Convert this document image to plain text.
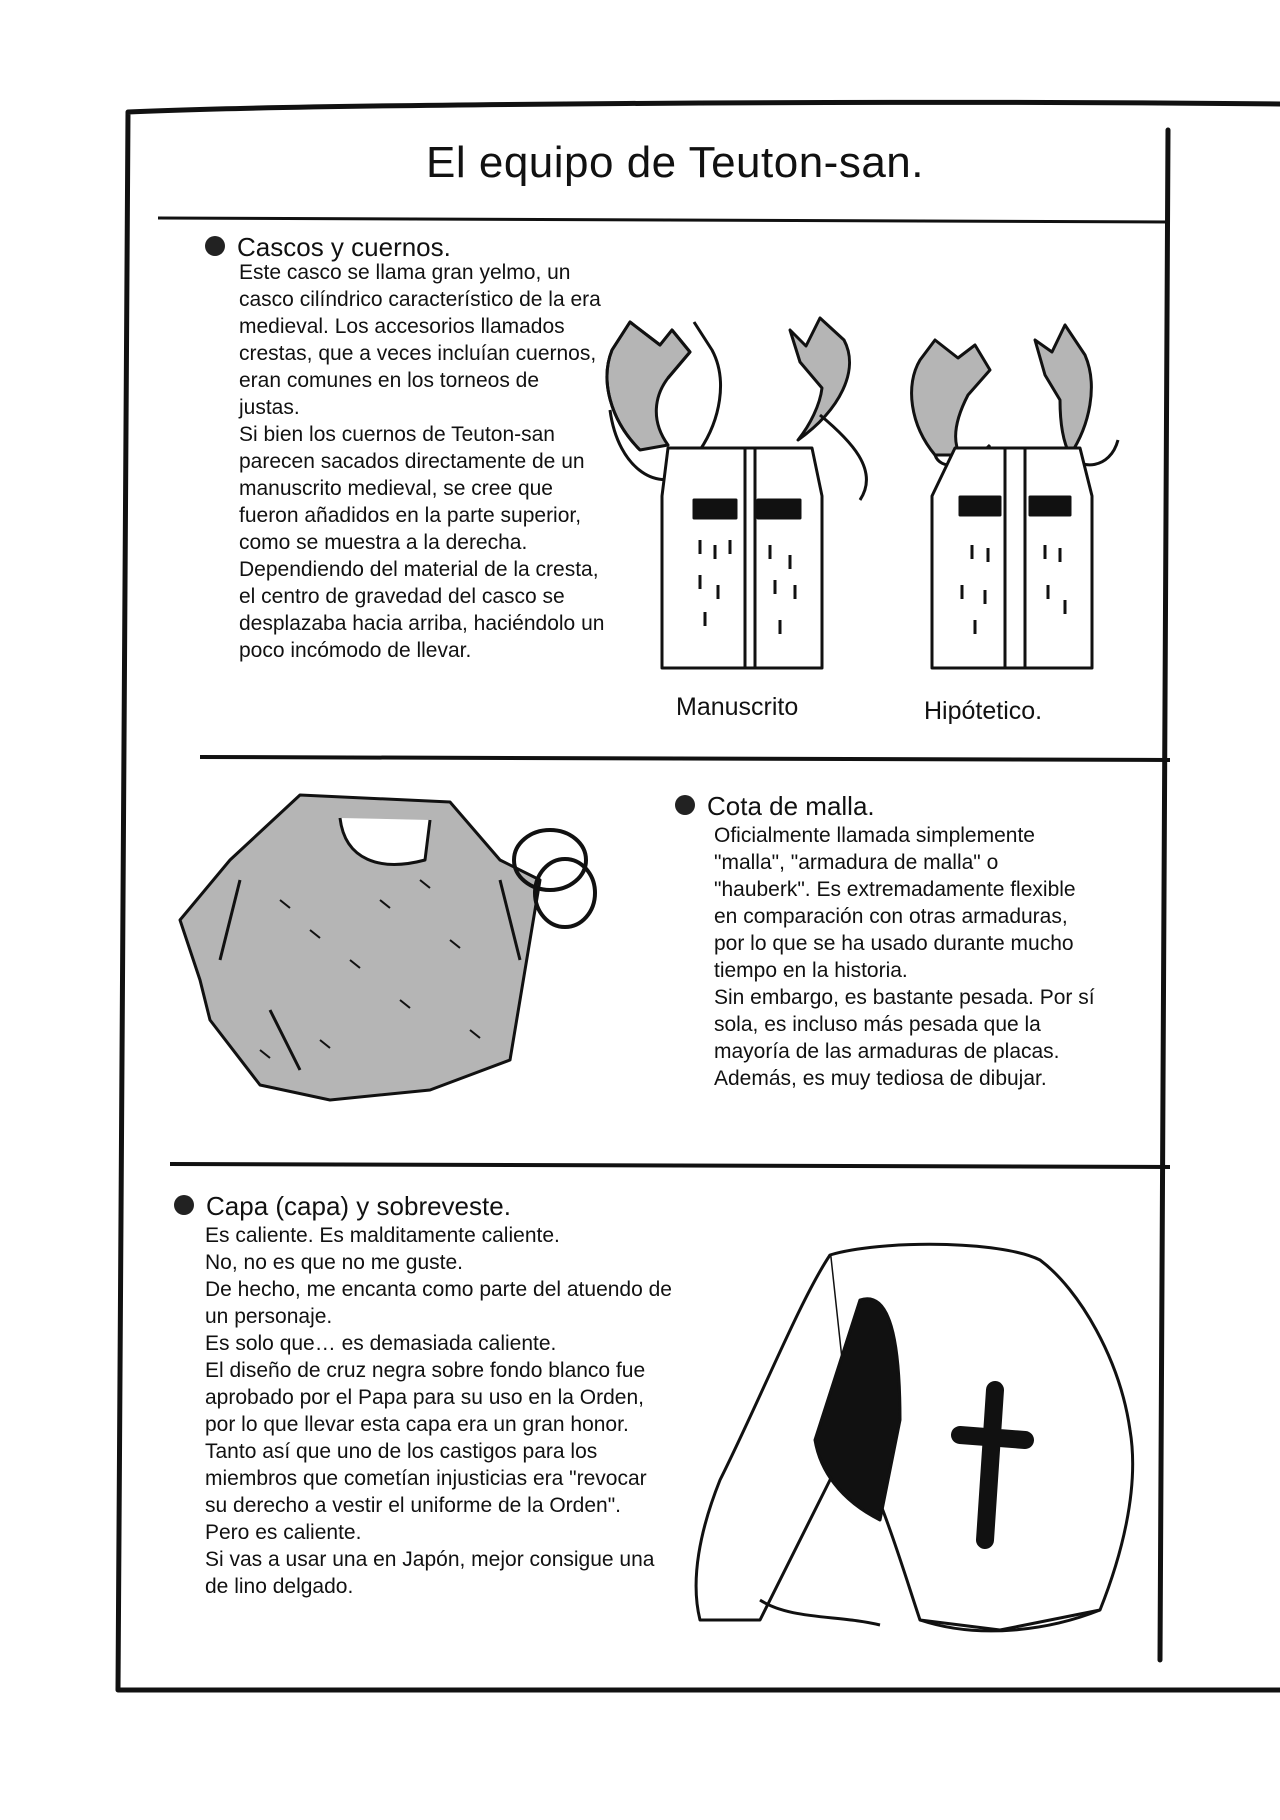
El equipo de Teuton-san.
Cascos y cuernos.

Este casco se llama gran yelmo, un
casco cilíndrico característico de la era
medieval. Los accesorios llamados
crestas, que a veces incluían cuernos,
eran comunes en los torneos de
justas.
Si bien los cuernos de Teuton-san
parecen sacados directamente de un
manuscrito medieval, se cree que
fueron añadidos en la parte superior,
como se muestra a la derecha.
Dependiendo del material de la cresta,
el centro de gravedad del casco se
desplazaba hacia arriba, haciéndolo un
poco incómodo de llevar.

Manuscrito	Hipótetico.
Cota de malla.

Oficialmente llamada simplemente
"malla", "armadura de malla" o
"hauberk". Es extremadamente flexible
en comparación con otras armaduras,
por lo que se ha usado durante mucho
tiempo en la historia.
Sin embargo, es bastante pesada. Por sí
sola, es incluso más pesada que la
mayoría de las armaduras de placas.
Además, es muy tediosa de dibujar.

Capa (capa) y sobreveste.

Es caliente. Es malditamente caliente.
No, no es que no me guste.
De hecho, me encanta como parte del atuendo de
un personaje.
Es solo que… es demasiada caliente.
El diseño de cruz negra sobre fondo blanco fue
aprobado por el Papa para su uso en la Orden,
por lo que llevar esta capa era un gran honor.
Tanto así que uno de los castigos para los
miembros que cometían injusticias era "revocar
su derecho a vestir el uniforme de la Orden".
Pero es caliente.
Si vas a usar una en Japón, mejor consigue una
de lino delgado.
